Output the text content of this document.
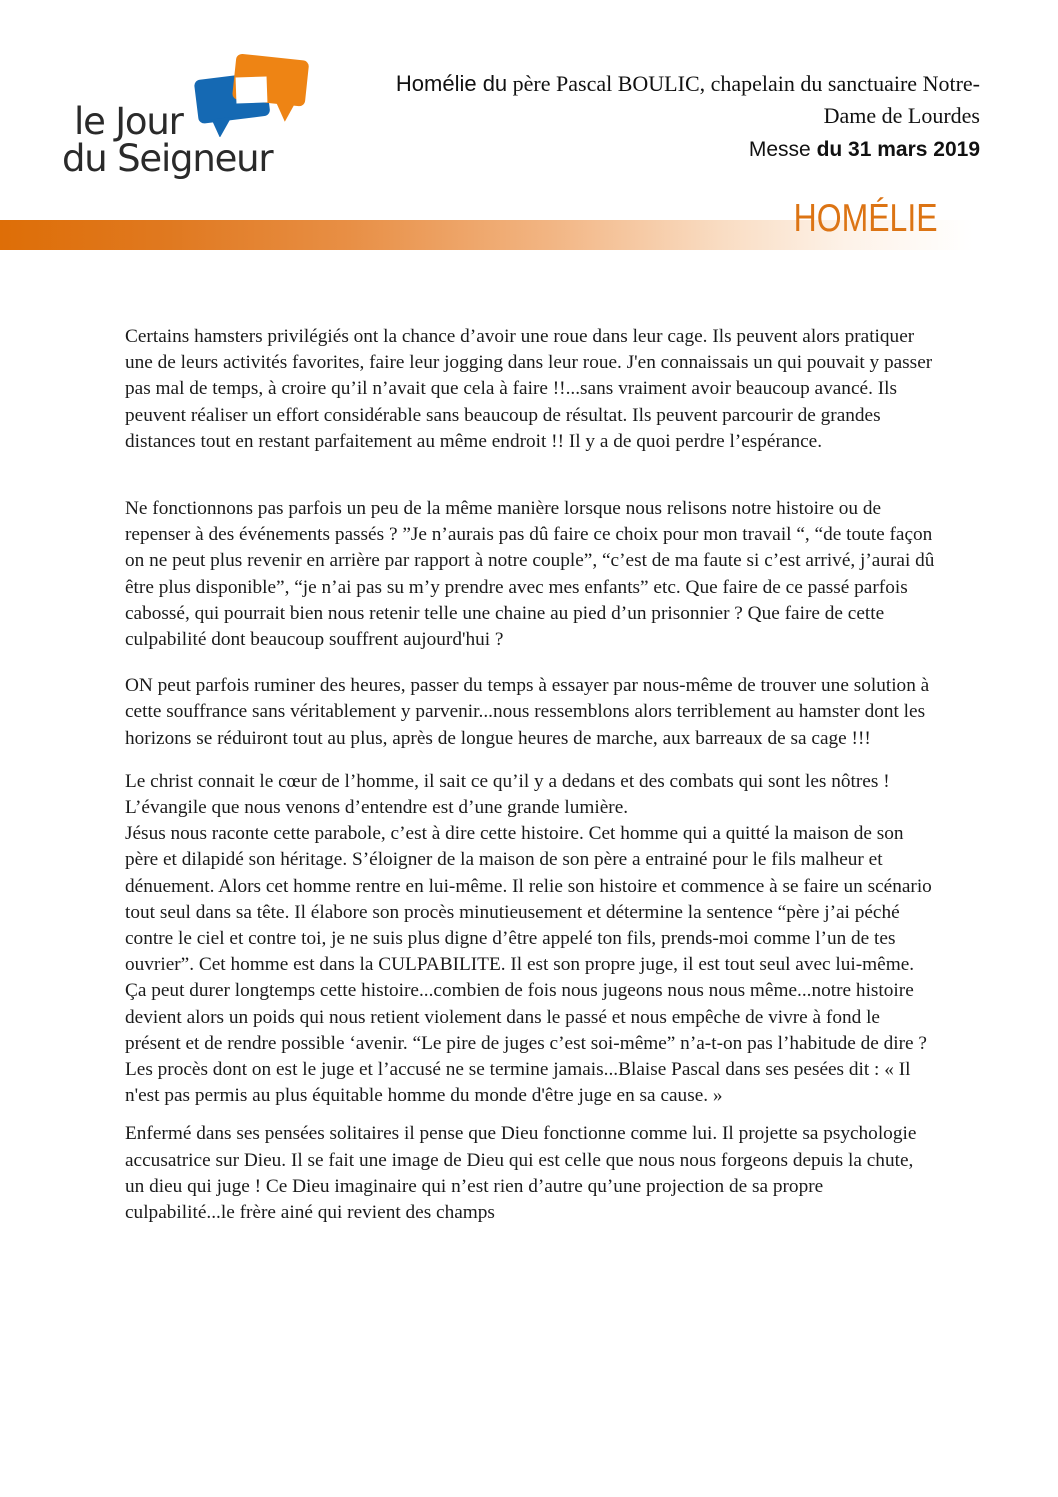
le Jour
du Seigneur
Homélie du père Pascal BOULIC, chapelain du sanctuaire Notre-
Dame de Lourdes
Messe du 31 mars 2019
HOMÉLIE

Certains hamsters privilégiés ont la chance d’avoir une roue dans leur cage. Ils peuvent alors pratiquer une de leurs activités favorites, faire leur jogging dans leur roue. J'en connaissais un qui pouvait y passer pas mal de temps, à croire qu’il n’avait que cela à faire !!...sans vraiment avoir beaucoup avancé. Ils peuvent réaliser un effort considérable sans beaucoup de résultat. Ils peuvent parcourir de grandes distances tout en restant parfaitement au même endroit !! Il y a de quoi perdre l’espérance.

Ne fonctionnons pas parfois un peu de la même manière lorsque nous relisons notre histoire ou de repenser à des événements passés ? ”Je n’aurais pas dû faire ce choix pour mon travail “, “de toute façon on ne peut plus revenir en arrière par rapport à notre couple”, “c’est de ma faute si c’est arrivé, j’aurai dû être plus disponible”, “je n’ai pas su m’y prendre avec mes enfants” etc. Que faire de ce passé parfois cabossé, qui pourrait bien nous retenir telle une chaine au pied d’un prisonnier ? Que faire de cette culpabilité dont beaucoup souffrent aujourd'hui ?

ON peut parfois ruminer des heures, passer du temps à essayer par nous-même de trouver une solution à cette souffrance sans véritablement y parvenir...nous ressemblons alors terriblement au hamster dont les horizons se réduiront tout au plus, après de longue heures de marche, aux barreaux de sa cage !!!

Le christ connait le cœur de l’homme, il sait ce qu’il y a dedans et des combats qui sont les nôtres ! L’évangile que nous venons d’entendre est d’une grande lumière.

Jésus nous raconte cette parabole, c’est à dire cette histoire. Cet homme qui a quitté la maison de son père et dilapidé son héritage. S’éloigner de la maison de son père a entrainé pour le fils malheur et dénuement. Alors cet homme rentre en lui-même. Il relie son histoire et commence à se faire un scénario tout seul dans sa tête. Il élabore son procès minutieusement et détermine la sentence “père j’ai péché contre le ciel et contre toi, je ne suis plus digne d’être appelé ton fils, prends-moi comme l’un de tes ouvrier”. Cet homme est dans la CULPABILITE. Il est son propre juge, il est tout seul avec lui-même. Ça peut durer longtemps cette histoire...combien de fois nous jugeons nous nous même...notre histoire devient alors un poids qui nous retient violement dans le passé et nous empêche de vivre à fond le présent et de rendre possible ‘avenir. “Le pire de juges c’est soi-même” n’a-t-on pas l’habitude de dire ? Les procès dont on est le juge et l’accusé ne se termine jamais...Blaise Pascal dans ses pesées dit : « Il n'est pas permis au plus équitable homme du monde d'être juge en sa cause. »

Enfermé dans ses pensées solitaires il pense que Dieu fonctionne comme lui. Il projette sa psychologie accusatrice sur Dieu. Il se fait une image de Dieu qui est celle que nous nous forgeons depuis la chute, un dieu qui juge ! Ce Dieu imaginaire qui n’est rien d’autre qu’une projection de sa propre culpabilité...le frère ainé qui revient des champs
